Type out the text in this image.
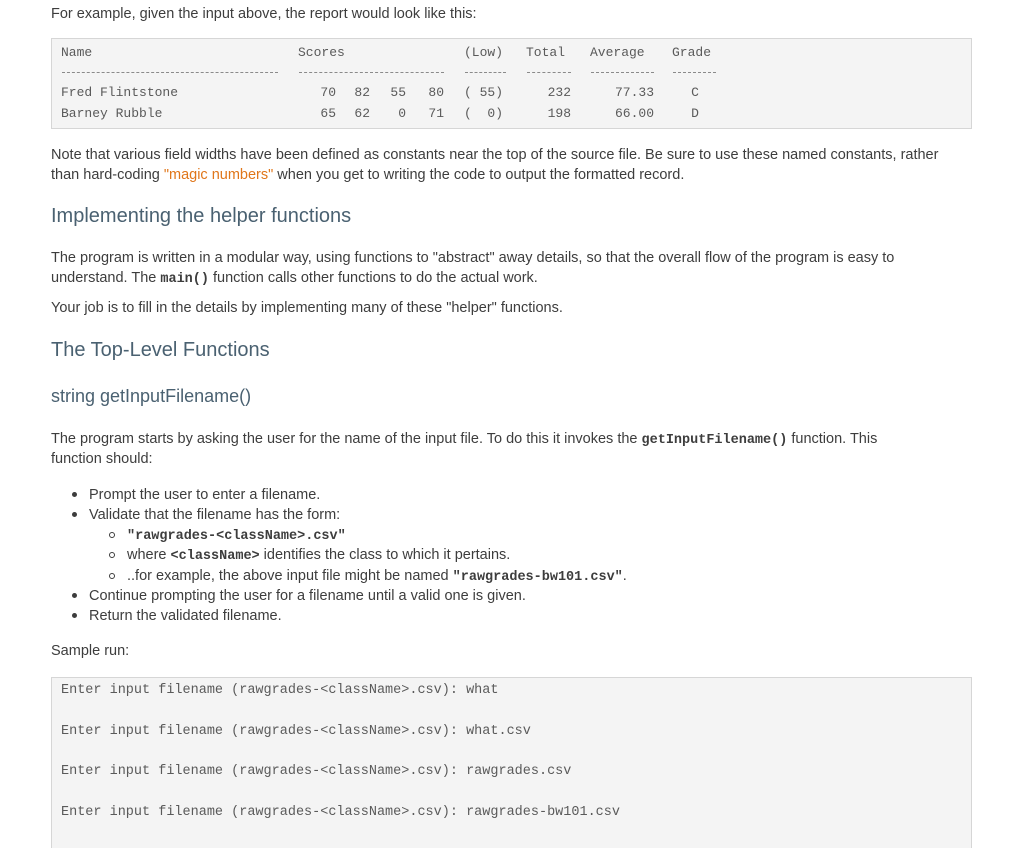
For example, given the input above, the report would look like this:
Name	Scores	(Low) Total Average Grade
Fred Flintstone	70	82	55	80 ( 55)	232	77.33	C
Barney Rubble	65	62	0	71 (  0)	198	66.00	D
Note that various field widths have been defined as constants near the top of the source file. Be sure to use these named constants, rather
than hard-coding "magic numbers" when you get to writing the code to output the formatted record.
Implementing the helper functions
The program is written in a modular way, using functions to "abstract" away details, so that the overall flow of the program is easy to
understand. The main() function calls other functions to do the actual work.
Your job is to fill in the details by implementing many of these "helper" functions.
The Top-Level Functions
string getInputFilename()
The program starts by asking the user for the name of the input file. To do this it invokes the getInputFilename() function. This
function should:
Prompt the user to enter a filename.
Validate that the filename has the form:
"rawgrades-<className>.csv"
where <className> identifies the class to which it pertains.
..for example, the above input file might be named "rawgrades-bw101.csv".
Continue prompting the user for a filename until a valid one is given.
Return the validated filename.
Sample run:
Enter input filename (rawgrades-<className>.csv): what
Enter input filename (rawgrades-<className>.csv): what.csv
Enter input filename (rawgrades-<className>.csv): rawgrades.csv
Enter input filename (rawgrades-<className>.csv): rawgrades-bw101.csv
